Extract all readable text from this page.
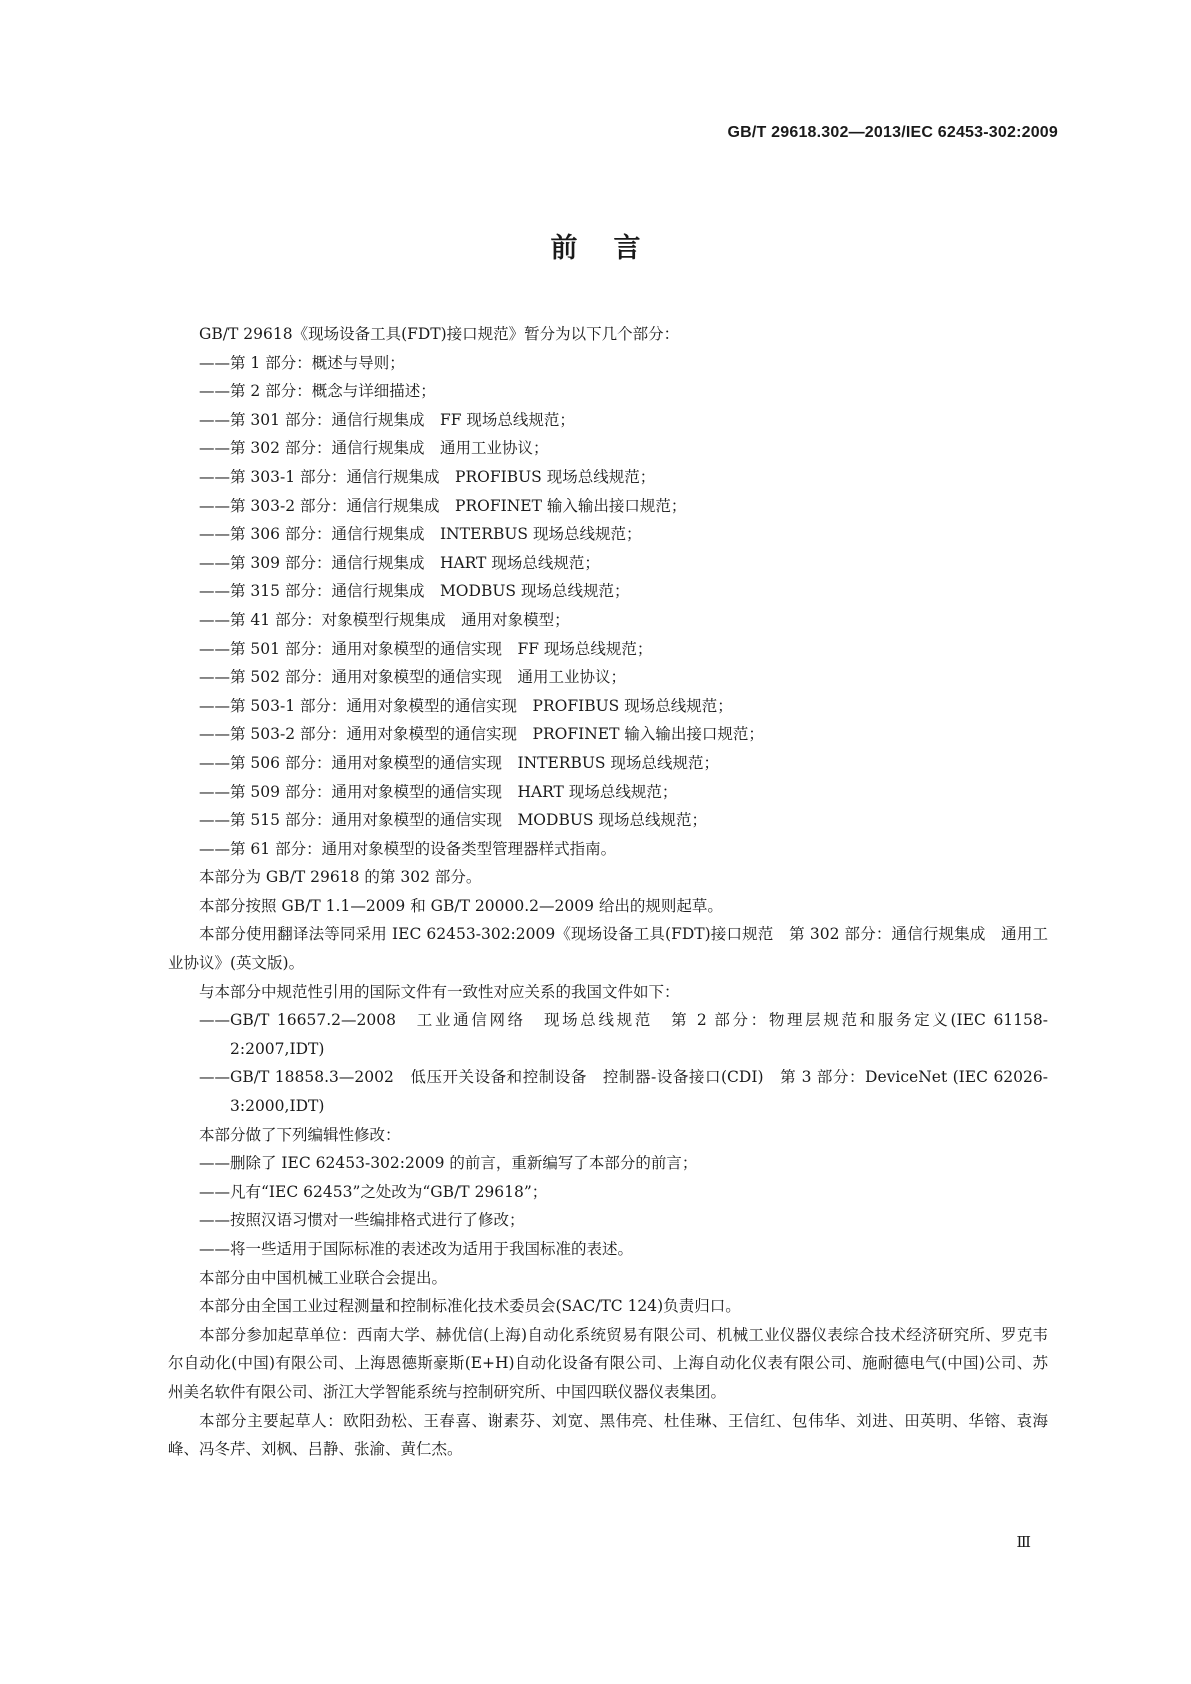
GB/T 29618.302—2013/IEC 62453-302:2009
前言

GB/T 29618《现场设备工具(FDT)接口规范》暂分为以下几个部分：

——第 1 部分：概述与导则；

——第 2 部分：概念与详细描述；

——第 301 部分：通信行规集成　FF 现场总线规范；

——第 302 部分：通信行规集成　通用工业协议；

——第 303-1 部分：通信行规集成　PROFIBUS 现场总线规范；

——第 303-2 部分：通信行规集成　PROFINET 输入输出接口规范；

——第 306 部分：通信行规集成　INTERBUS 现场总线规范；

——第 309 部分：通信行规集成　HART 现场总线规范；

——第 315 部分：通信行规集成　MODBUS 现场总线规范；

——第 41 部分：对象模型行规集成　通用对象模型；

——第 501 部分：通用对象模型的通信实现　FF 现场总线规范；

——第 502 部分：通用对象模型的通信实现　通用工业协议；

——第 503-1 部分：通用对象模型的通信实现　PROFIBUS 现场总线规范；

——第 503-2 部分：通用对象模型的通信实现　PROFINET 输入输出接口规范；

——第 506 部分：通用对象模型的通信实现　INTERBUS 现场总线规范；

——第 509 部分：通用对象模型的通信实现　HART 现场总线规范；

——第 515 部分：通用对象模型的通信实现　MODBUS 现场总线规范；

——第 61 部分：通用对象模型的设备类型管理器样式指南。

本部分为 GB/T 29618 的第 302 部分。

本部分按照 GB/T 1.1—2009 和 GB/T 20000.2—2009 给出的规则起草。

本部分使用翻译法等同采用 IEC 62453-302:2009《现场设备工具(FDT)接口规范　第 302 部分：通信行规集成　通用工业协议》(英文版)。

与本部分中规范性引用的国际文件有一致性对应关系的我国文件如下：

——GB/T 16657.2—2008　工业通信网络　现场总线规范　第 2 部分：物理层规范和服务定义(IEC 61158-2:2007,IDT)

——GB/T 18858.3—2002　低压开关设备和控制设备　控制器-设备接口(CDI)　第 3 部分：DeviceNet (IEC 62026-3:2000,IDT)

本部分做了下列编辑性修改：

——删除了 IEC 62453-302:2009 的前言，重新编写了本部分的前言；

——凡有“IEC 62453”之处改为“GB/T 29618”；

——按照汉语习惯对一些编排格式进行了修改；

——将一些适用于国际标准的表述改为适用于我国标准的表述。

本部分由中国机械工业联合会提出。

本部分由全国工业过程测量和控制标准化技术委员会(SAC/TC 124)负责归口。

本部分参加起草单位：西南大学、赫优信(上海)自动化系统贸易有限公司、机械工业仪器仪表综合技术经济研究所、罗克韦尔自动化(中国)有限公司、上海恩德斯豪斯(E+H)自动化设备有限公司、上海自动化仪表有限公司、施耐德电气(中国)公司、苏州美名软件有限公司、浙江大学智能系统与控制研究所、中国四联仪器仪表集团。

本部分主要起草人：欧阳劲松、王春喜、谢素芬、刘宽、黑伟亮、杜佳琳、王信红、包伟华、刘进、田英明、华镕、袁海峰、冯冬芹、刘枫、吕静、张渝、黄仁杰。

Ⅲ
